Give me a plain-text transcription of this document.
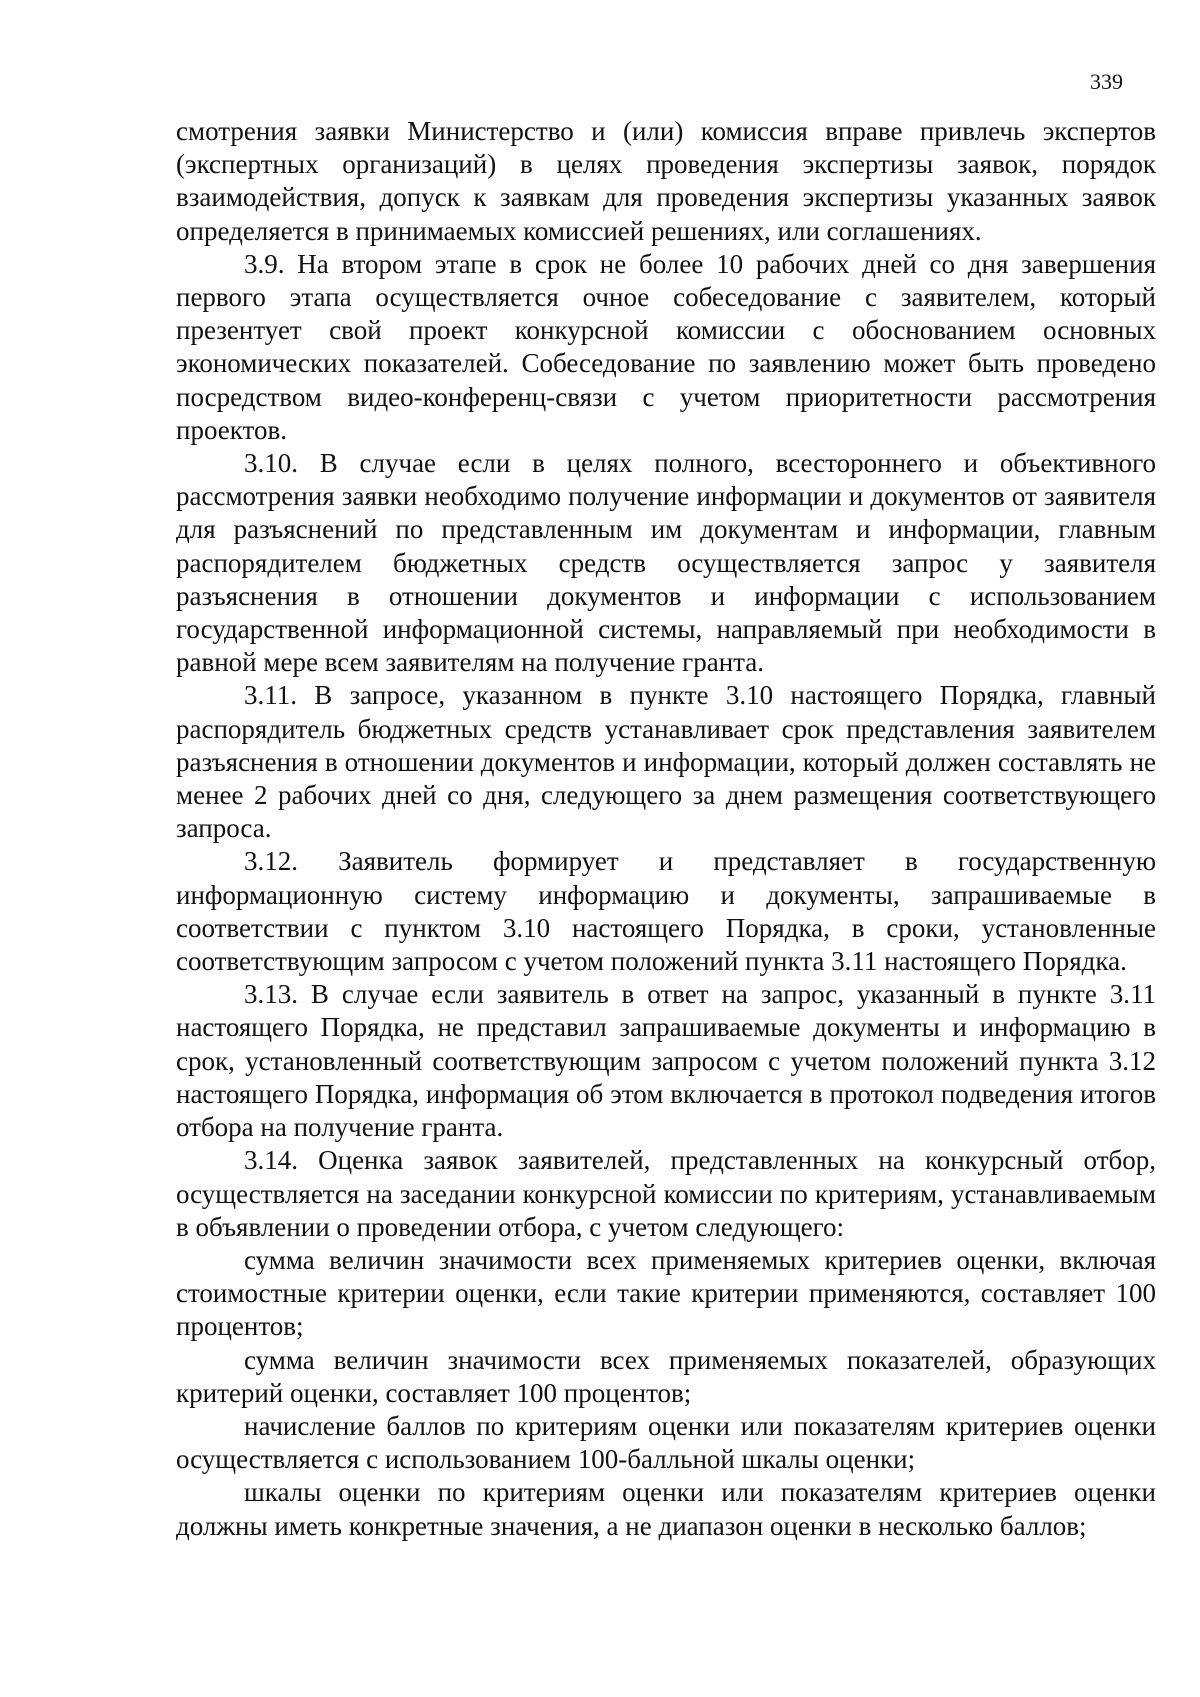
339

смотрения заявки Министерство и (или) комиссия вправе привлечь экспертов (экспертных организаций) в целях проведения экспертизы заявок, порядок взаимодействия, допуск к заявкам для проведения экспертизы указанных заявок определяется в принимаемых комиссией решениях, или соглашениях.

3.9. На втором этапе в срок не более 10 рабочих дней со дня завершения первого этапа осуществляется очное собеседование с заявителем, который презентует свой проект конкурсной комиссии с обоснованием основных экономических показателей. Собеседование по заявлению может быть проведено посредством видео-конференц-связи с учетом приоритетности рассмотрения проектов.

3.10. В случае если в целях полного, всестороннего и объективного рассмотрения заявки необходимо получение информации и документов от заявителя для разъяснений по представленным им документам и информации, главным распорядителем бюджетных средств осуществляется запрос у заявителя разъяснения в отношении документов и информации с использованием государственной информационной системы, направляемый при необходимости в равной мере всем заявителям на получение гранта.

3.11. В запросе, указанном в пункте 3.10 настоящего Порядка, главный распорядитель бюджетных средств устанавливает срок представления заявителем разъяснения в отношении документов и информации, который должен составлять не менее 2 рабочих дней со дня, следующего за днем размещения соответствующего запроса.

3.12. Заявитель формирует и представляет в государственную информационную систему информацию и документы, запрашиваемые в соответствии с пунктом 3.10 настоящего Порядка, в сроки, установленные соответствующим запросом с учетом положений пункта 3.11 настоящего Порядка.

3.13. В случае если заявитель в ответ на запрос, указанный в пункте 3.11 настоящего Порядка, не представил запрашиваемые документы и информацию в срок, установленный соответствующим запросом с учетом положений пункта 3.12 настоящего Порядка, информация об этом включается в протокол подведения итогов отбора на получение гранта.

3.14. Оценка заявок заявителей, представленных на конкурсный отбор, осуществляется на заседании конкурсной комиссии по критериям, устанавливаемым в объявлении о проведении отбора, с учетом следующего:

сумма величин значимости всех применяемых критериев оценки, включая стоимостные критерии оценки, если такие критерии применяются, составляет 100 процентов;

сумма величин значимости всех применяемых показателей, образующих критерий оценки, составляет 100 процентов;

начисление баллов по критериям оценки или показателям критериев оценки осуществляется с использованием 100-балльной шкалы оценки;

шкалы оценки по критериям оценки или показателям критериев оценки должны иметь конкретные значения, а не диапазон оценки в несколько баллов;
